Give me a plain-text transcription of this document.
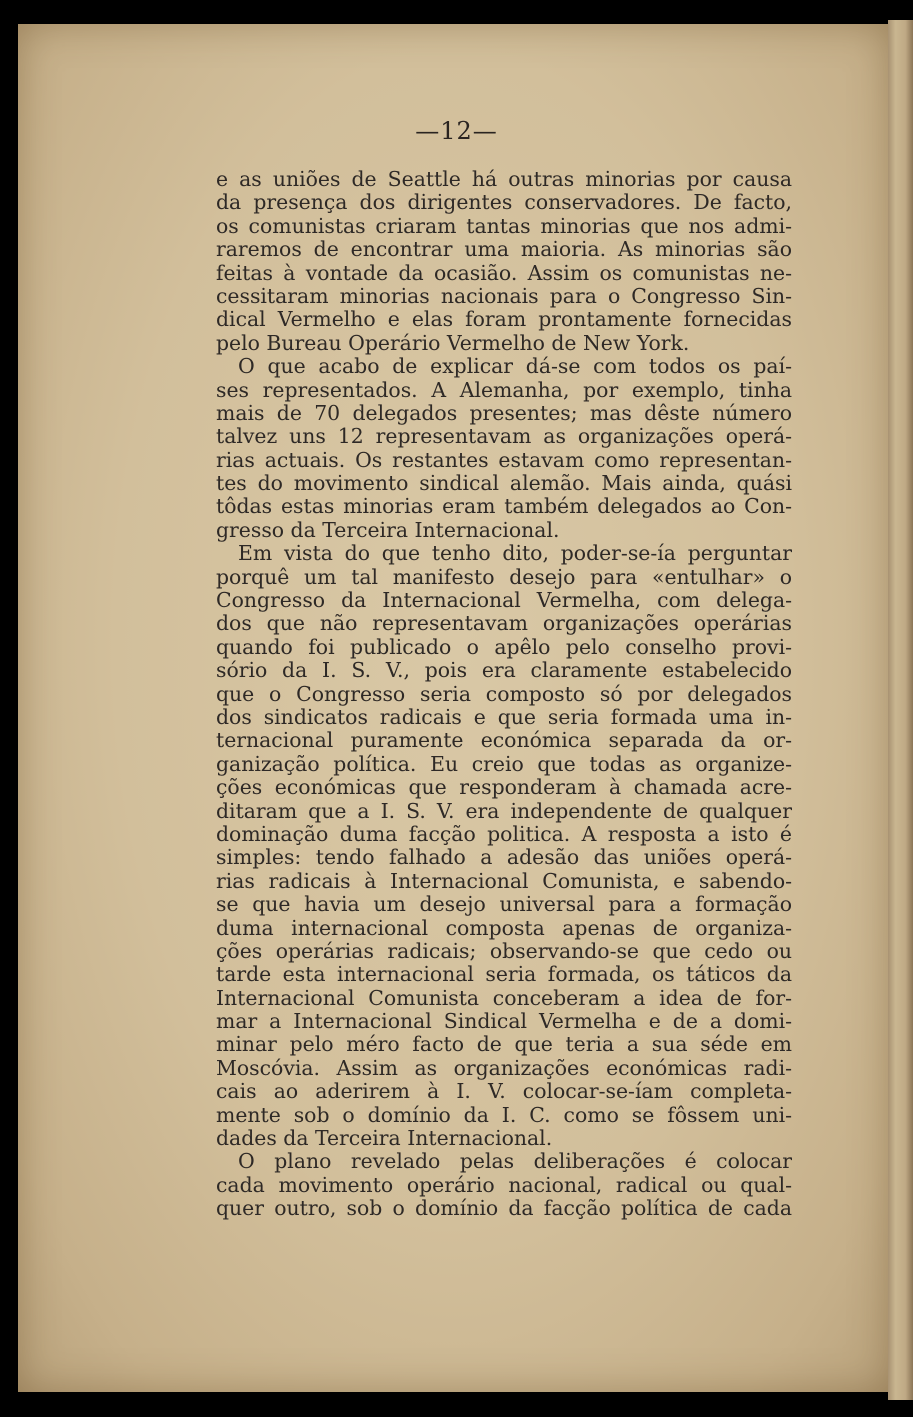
—12—
e as uniões de Seattle há outras minorias por causa
da presença dos dirigentes conservadores. De facto,
os comunistas criaram tantas minorias que nos admi-
raremos de encontrar uma maioria. As minorias são
feitas à vontade da ocasião. Assim os comunistas ne-
cessitaram minorias nacionais para o Congresso Sin-
dical Vermelho e elas foram prontamente fornecidas
pelo Bureau Operário Vermelho de New York.
O que acabo de explicar dá-se com todos os paí-
ses representados. A Alemanha, por exemplo, tinha
mais de 70 delegados presentes; mas dêste número
talvez uns 12 representavam as organizações operá-
rias actuais. Os restantes estavam como representan-
tes do movimento sindical alemão. Mais ainda, quási
tôdas estas minorias eram também delegados ao Con-
gresso da Terceira Internacional.
Em vista do que tenho dito, poder-se-ía perguntar
porquê um tal manifesto desejo para «entulhar» o
Congresso da Internacional Vermelha, com delega-
dos que não representavam organizações operárias
quando foi publicado o apêlo pelo conselho provi-
sório da I. S. V., pois era claramente estabelecido
que o Congresso seria composto só por delegados
dos sindicatos radicais e que seria formada uma in-
ternacional puramente económica separada da or-
ganização política. Eu creio que todas as organize-
ções económicas que responderam à chamada acre-
ditaram que a I. S. V. era independente de qualquer
dominação duma facção politica. A resposta a isto é
simples: tendo falhado a adesão das uniões operá-
rias radicais à Internacional Comunista, e sabendo-
se que havia um desejo universal para a formação
duma internacional composta apenas de organiza-
ções operárias radicais; observando-se que cedo ou
tarde esta internacional seria formada, os táticos da
Internacional Comunista conceberam a idea de for-
mar a Internacional Sindical Vermelha e de a domi-
minar pelo méro facto de que teria a sua séde em
Moscóvia. Assim as organizações económicas radi-
cais ao aderirem à I. V. colocar-se-íam completa-
mente sob o domínio da I. C. como se fôssem uni-
dades da Terceira Internacional.
O plano revelado pelas deliberações é colocar
cada movimento operário nacional, radical ou qual-
quer outro, sob o domínio da facção política de cada
